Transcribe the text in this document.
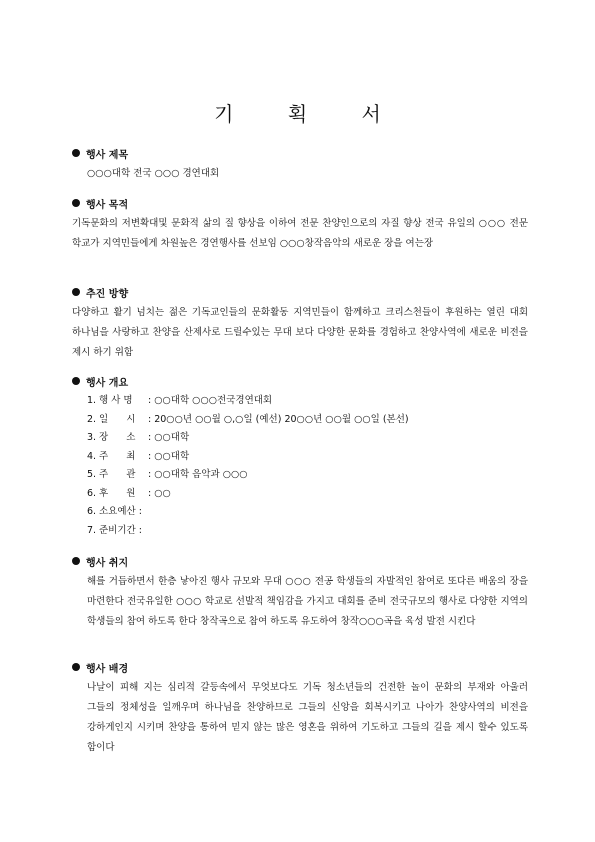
기 획 서
행사 제목
○○○대학 전국 ○○○ 경연대회
행사 목적
기독문화의 저변확대및 문화적 삶의 질 향상을 이하여 전문 찬양인으로의 자질 향상 전국 유일의 ○○○ 전문 학교가 지역민들에게 차원높은 경연행사를 선보임 ○○○창작음악의 새로운 장을 여는장
추진 방향
다양하고 활기 넘치는 젊은 기독교인들의 문화활동 지역민들이 함께하고 크리스천들이 후원하는 열린 대회 하나님을 사랑하고 찬양을 산제사로 드릴수있는 무대 보다 다양한 문화를 경험하고 찬양사역에 새로운 비전을 제시 하기 위함
행사 개요
1. 행 사 명	: ○○대학 ○○○전국경연대회
2. 일      시	: 20○○년 ○○월 ○,○일 (예선) 20○○년 ○○월 ○○일 (본선)
3. 장      소	: ○○대학
4. 주      최	: ○○대학
5. 주      관	: ○○대학 음악과 ○○○
6. 후      원	: ○○
6. 소요예산 :
7. 준비기간 :
행사 취지
해를 거듭하면서 한층 낳아진 행사 규모와 무대 ○○○ 전공 학생들의 자발적인 참여로 또다른 배움의 장을 마련한다 전국유일한 ○○○ 학교로 선발적 책임감을 가지고 대회를 준비 전국규모의 행사로 다양한 지역의 학생들의 참여 하도록 한다 창작곡으로 참여 하도록 유도하여 창작○○○곡을 육성 발전 시킨다
행사 배경
나날이 피해 지는 심리적 갈등속에서 무엇보다도 기독 청소년들의 건전한 놀이 문화의 부재와 아울러 그들의 정체성을 일깨우며 하나님을 찬양하므로 그들의 신앙을 회복시키고 나아가 찬양사역의 비전을 강하게인지 시키며 찬양을 통하여 믿지 않는 많은 영혼을 위하여 기도하고 그들의 길을 제시 할수 있도록 함이다
